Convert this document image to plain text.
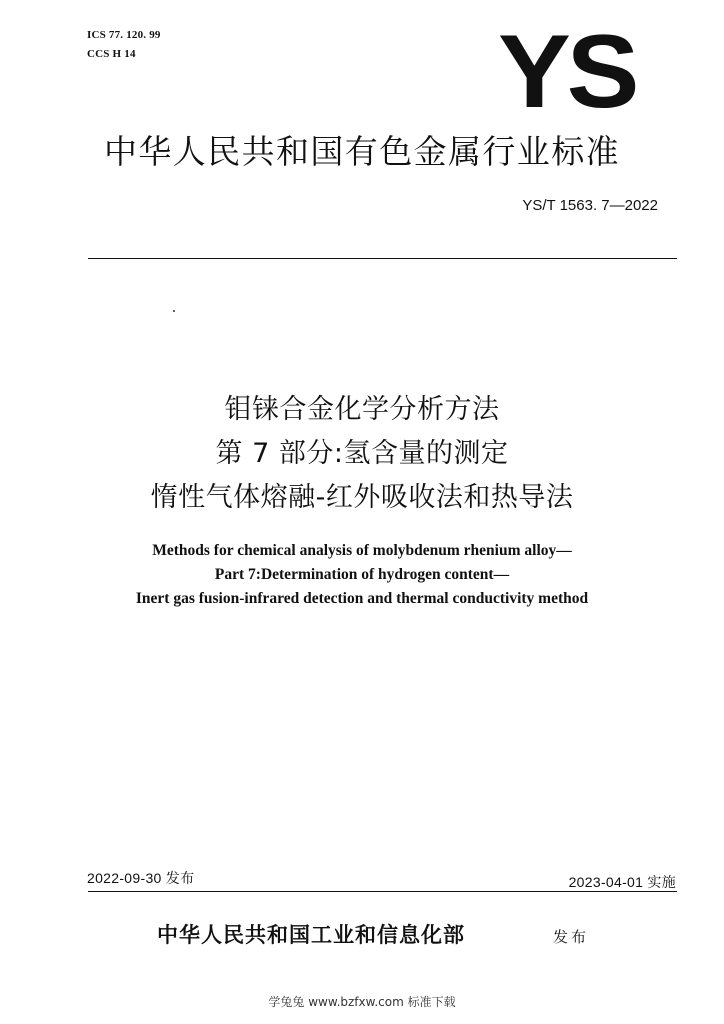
ICS 77. 120. 99
CCS H 14	YS
中华人民共和国有色金属行业标准
YS/T 1563. 7—2022
钼铼合金化学分析方法
第 7 部分:氢含量的测定
惰性气体熔融-红外吸收法和热导法
Methods for chemical analysis of molybdenum rhenium alloy—
Part 7:Determination of hydrogen content—
Inert gas fusion-infrared detection and thermal conductivity method
2022-09-30 发布	2023-04-01 实施
中华人民共和国工业和信息化部	发布
学兔兔 www.bzfxw.com 标准下载
